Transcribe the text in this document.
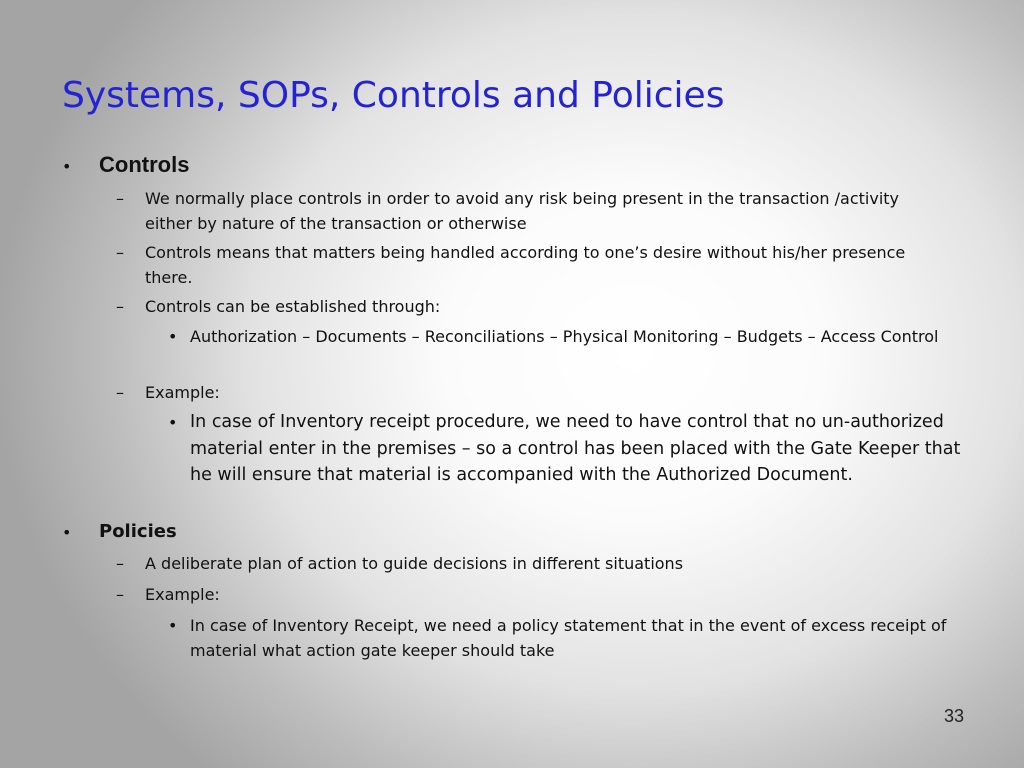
Systems, SOPs, Controls and Policies
• Controls
– We normally place controls in order to avoid any risk being present in the transaction /activity either by nature of the transaction or otherwise
– Controls means that matters being handled according to one’s desire without his/her presence there.
– Controls can be established through:
• Authorization – Documents – Reconciliations – Physical Monitoring – Budgets – Access Control
– Example:
• In case of Inventory receipt procedure, we need to have control that no un-authorized material enter in the premises – so a control has been placed with the Gate Keeper that he will ensure that material is accompanied with the Authorized Document.
• Policies
– A deliberate plan of action to guide decisions in different situations
– Example:
• In case of Inventory Receipt, we need a policy statement that in the event of excess receipt of material what action gate keeper should take
33
